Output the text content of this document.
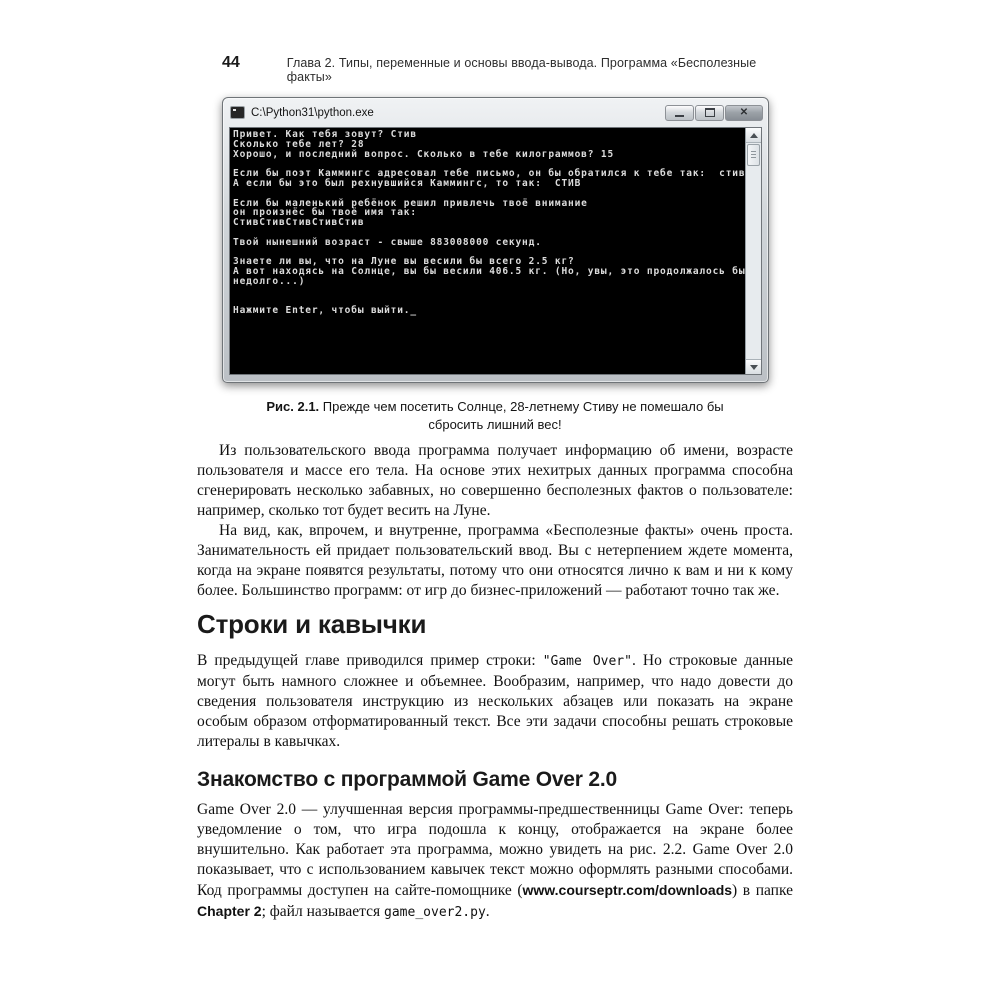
44	Глава 2. Типы, переменные и основы ввода-вывода. Программа «Бесполезные факты»
C:\Python31\python.exe	✕
Привет. Как тебя зовут? Стив
Сколько тебе лет? 28
Хорошо, и последний вопрос. Сколько в тебе килограммов? 15
Если бы поэт Каммингс адресовал тебе письмо, он бы обратился к тебе так:  стив
А если бы это был рехнувшийся Каммингс, то так:  СТИВ
Если бы маленький ребёнок решил привлечь твоё внимание
он произнёс бы твоё имя так:
СтивСтивСтивСтивСтив
Твой нынешний возраст - свыше 883008000 секунд.
Знаете ли вы, что на Луне вы весили бы всего 2.5 кг?
А вот находясь на Солнце, вы бы весили 406.5 кг. (Но, увы, это продолжалось бы
недолго...)
Нажмите Enter, чтобы выйти._
Рис. 2.1. Прежде чем посетить Солнце, 28-летнему Стиву не помешало бы сбросить лишний вес!

Из пользовательского ввода программа получает информацию об имени, возрасте пользователя и массе его тела. На основе этих нехитрых данных программа способна сгенерировать несколько забавных, но совершенно бесполезных фактов о пользователе: например, сколько тот будет весить на Луне.

На вид, как, впрочем, и внутренне, программа «Бесполезные факты» очень проста. Занимательность ей придает пользовательский ввод. Вы с нетерпением ждете момента, когда на экране появятся результаты, потому что они относятся лично к вам и ни к кому более. Большинство программ: от игр до бизнес-приложений — работают точно так же.

Строки и кавычки

В предыдущей главе приводился пример строки: "Game Over". Но строковые данные могут быть намного сложнее и объемнее. Вообразим, например, что надо довести до сведения пользователя инструкцию из нескольких абзацев или показать на экране особым образом отформатированный текст. Все эти задачи способны решать строковые литералы в кавычках.

Знакомство с программой Game Over 2.0

Game Over 2.0 — улучшенная версия программы-предшественницы Game Over: теперь уведомление о том, что игра подошла к концу, отображается на экране более внушительно. Как работает эта программа, можно увидеть на рис. 2.2. Game Over 2.0 показывает, что с использованием кавычек текст можно оформлять разными способами. Код программы доступен на сайте-помощнике (www.courseptr.com/downloads) в папке Chapter 2; файл называется game_over2.py.
